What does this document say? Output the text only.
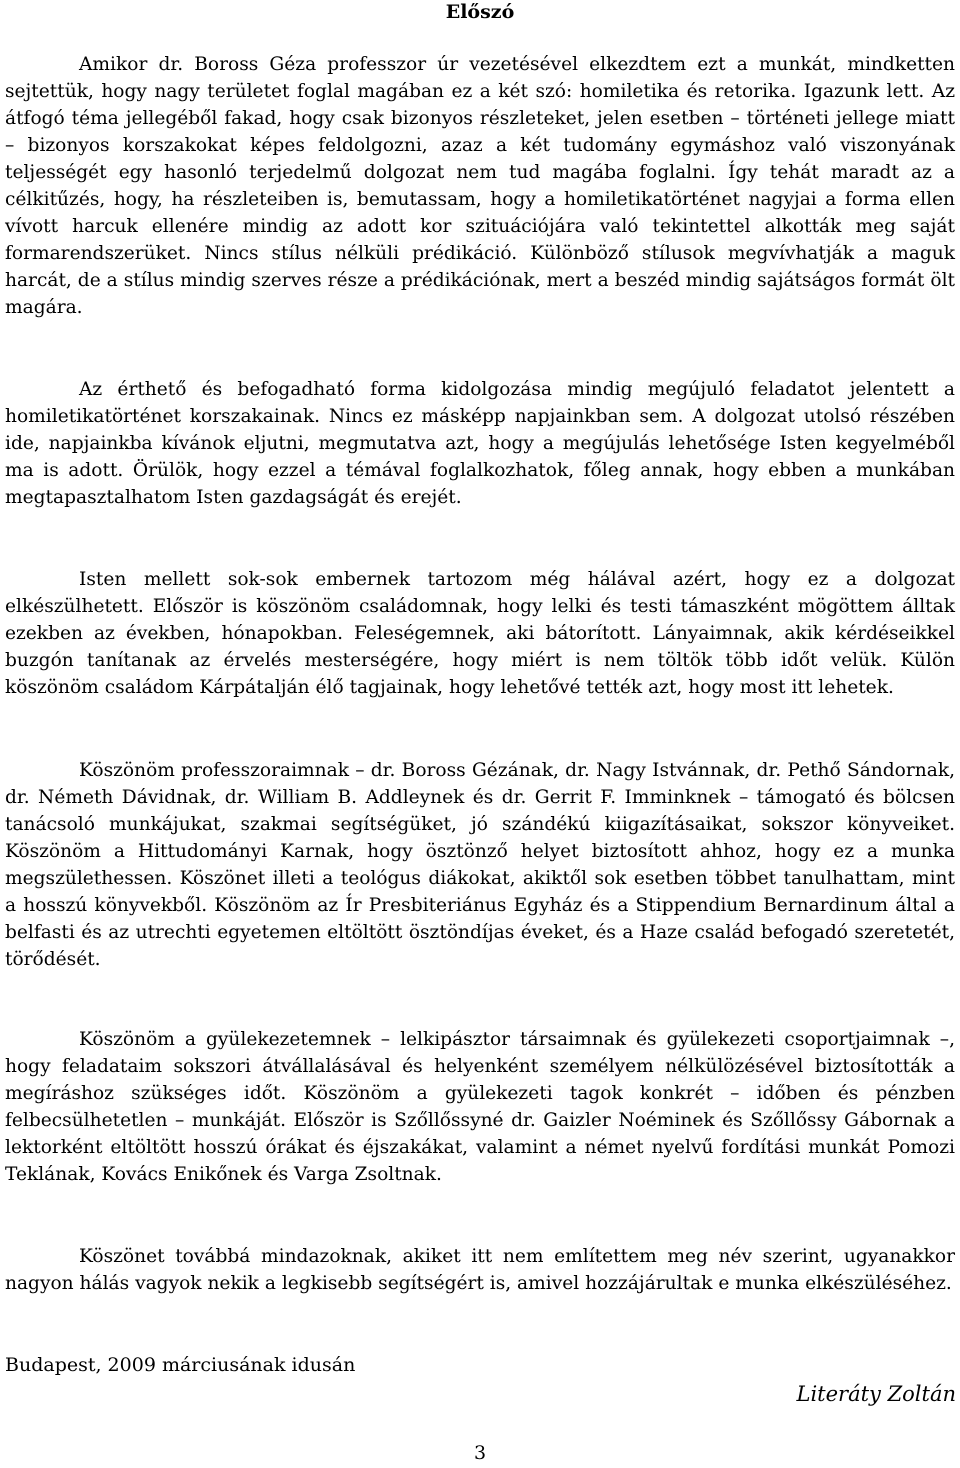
Előszó

Amikor dr. Boross Géza professzor úr vezetésével elkezdtem ezt a munkát, mindketten sejtettük, hogy nagy területet foglal magában ez a két szó: homiletika és retorika. Igazunk lett. Az átfogó téma jellegéből fakad, hogy csak bizonyos részleteket, jelen esetben – történeti jellege miatt – bizonyos korszakokat képes feldolgozni, azaz a két tudomány egymáshoz való viszonyának teljességét egy hasonló terjedelmű dolgozat nem tud magába foglalni. Így tehát maradt az a célkitűzés, hogy, ha részleteiben is, bemutassam, hogy a homiletikatörténet nagyjai a forma ellen vívott harcuk ellenére mindig az adott kor szituációjára való tekintettel alkották meg saját formarendszerüket. Nincs stílus nélküli prédikáció. Különböző stílusok megvívhatják a maguk harcát, de a stílus mindig szerves része a prédikációnak, mert a beszéd mindig sajátságos formát ölt magára.

Az érthető és befogadható forma kidolgozása mindig megújuló feladatot jelentett a homiletikatörténet korszakainak. Nincs ez másképp napjainkban sem. A dolgozat utolsó részében ide, napjainkba kívánok eljutni, megmutatva azt, hogy a megújulás lehetősége Isten kegyelméből ma is adott. Örülök, hogy ezzel a témával foglalkozhatok, főleg annak, hogy ebben a munkában megtapasztalhatom Isten gazdagságát és erejét.

Isten mellett sok-sok embernek tartozom még hálával azért, hogy ez a dolgozat elkészülhetett. Először is köszönöm családomnak, hogy lelki és testi támaszként mögöttem álltak ezekben az években, hónapokban. Feleségemnek, aki bátorított. Lányaimnak, akik kérdéseikkel buzgón tanítanak az érvelés mesterségére, hogy miért is nem töltök több időt velük. Külön köszönöm családom Kárpátalján élő tagjainak, hogy lehetővé tették azt, hogy most itt lehetek.

Köszönöm professzoraimnak – dr. Boross Gézának, dr. Nagy Istvánnak, dr. Pethő Sándornak, dr. Németh Dávidnak, dr. William B. Addleynek és dr. Gerrit F. Imminknek – támogató és bölcsen tanácsoló munkájukat, szakmai segítségüket, jó szándékú kiigazításaikat, sokszor könyveiket. Köszönöm a Hittudományi Karnak, hogy ösztönző helyet biztosított ahhoz, hogy ez a munka megszülethessen. Köszönet illeti a teológus diákokat, akiktől sok esetben többet tanulhattam, mint a hosszú könyvekből. Köszönöm az Ír Presbiteriánus Egyház és a Stippendium Bernardinum által a belfasti és az utrechti egyetemen eltöltött ösztöndíjas éveket, és a Haze család befogadó szeretetét, törődését.

Köszönöm a gyülekezetemnek – lelkipásztor társaimnak és gyülekezeti csoportjaimnak –, hogy feladataim sokszori átvállalásával és helyenként személyem nélkülözésével biztosították a megíráshoz szükséges időt. Köszönöm a gyülekezeti tagok konkrét – időben és pénzben felbecsülhetetlen – munkáját. Először is Szőllőssyné dr. Gaizler Noéminek és Szőllőssy Gábornak a lektorként eltöltött hosszú órákat és éjszakákat, valamint a német nyelvű fordítási munkát Pomozi Teklának, Kovács Enikőnek és Varga Zsoltnak.

Köszönet továbbá mindazoknak, akiket itt nem említettem meg név szerint, ugyanakkor nagyon hálás vagyok nekik a legkisebb segítségért is, amivel hozzájárultak e munka elkészüléséhez.

Budapest, 2009 márciusának idusán
Literáty Zoltán
3
